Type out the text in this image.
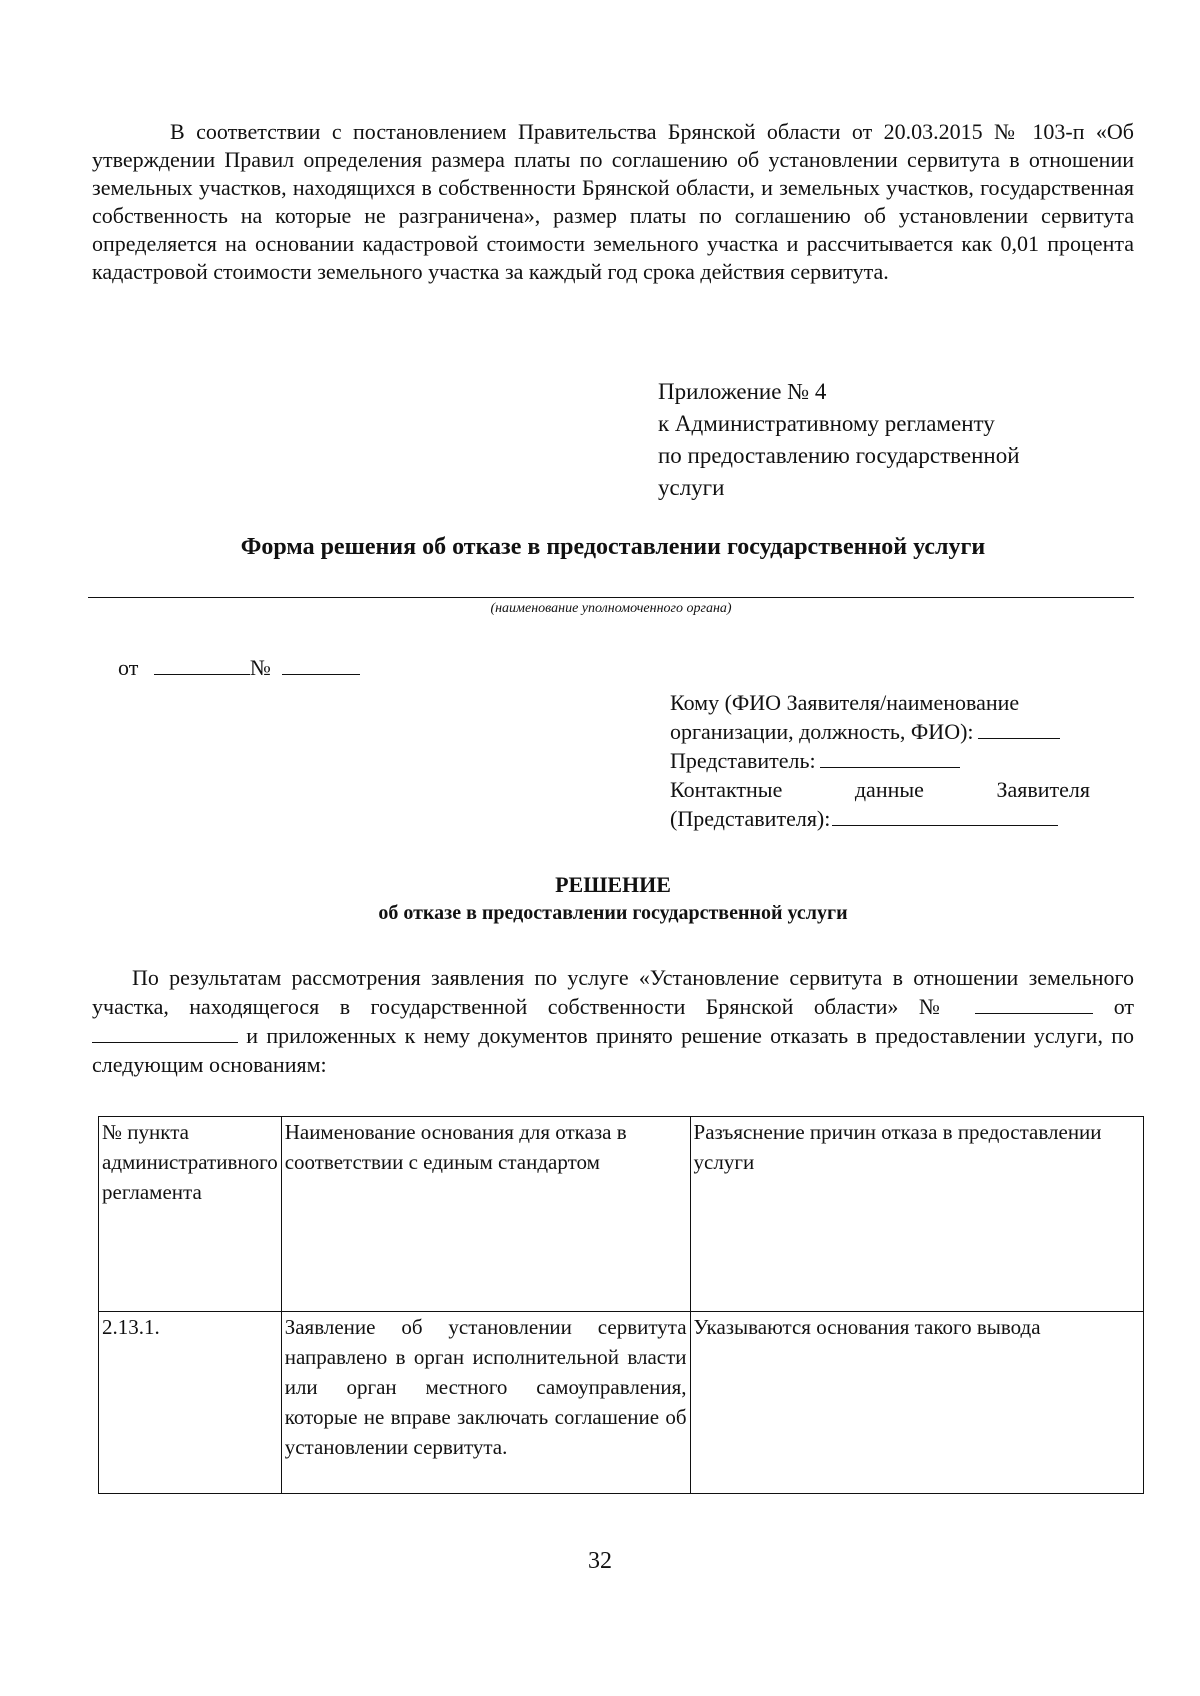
В соответствии с постановлением Правительства Брянской области от 20.03.2015 № 103-п «Об утверждении Правил определения размера платы по соглашению об установлении сервитута в отношении земельных участков, находящихся в собственности Брянской области, и земельных участков, государственная собственность на которые не разграничена», размер платы по соглашению об установлении сервитута определяется на основании кадастровой стоимости земельного участка и рассчитывается как 0,01 процента кадастровой стоимости земельного участка за каждый год срока действия сервитута.

Приложение № 4
к Административному регламенту
по предоставлению государственной
услуги
Форма решения об отказе в предоставлении государственной услуги
(наименование уполномоченного органа)
от	№
Кому (ФИО Заявителя/наименование
организации, должность, ФИО):
Представитель:
Контактные	данные	Заявителя
(Представителя):
РЕШЕНИЕ
об отказе в предоставлении государственной услуги

По результатам рассмотрения заявления по услуге «Установление сервитута в отношении земельного участка, находящегося в государственной собственности Брянской области» №	от  и приложенных к нему документов принято решение отказать в предоставлении услуги, по следующим основаниям:

№ пункта административного регламента	Наименование основания для отказа в соответствии с единым стандартом	Разъяснение причин отказа в предоставлении услуги
2.13.1.	Заявление об установлении сервитута направлено в орган исполнительной власти или орган местного самоуправления, которые не вправе заключать соглашение об установлении сервитута.	Указываются основания такого вывода
32
